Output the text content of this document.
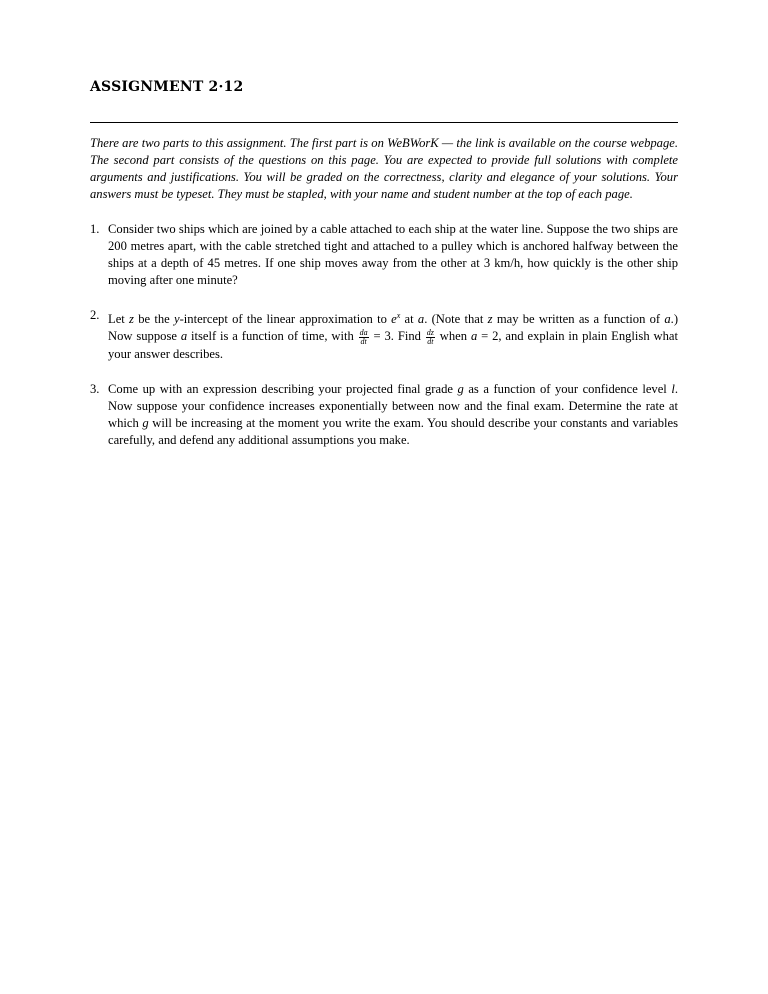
ASSIGNMENT 2·12

There are two parts to this assignment. The first part is on WeBWorK — the link is available on the course webpage. The second part consists of the questions on this page. You are expected to provide full solutions with complete arguments and justifications. You will be graded on the correctness, clarity and elegance of your solutions. Your answers must be typeset. They must be stapled, with your name and student number at the top of each page.

1. Consider two ships which are joined by a cable attached to each ship at the water line. Suppose the two ships are 200 metres apart, with the cable stretched tight and attached to a pulley which is anchored halfway between the ships at a depth of 45 metres. If one ship moves away from the other at 3 km/h, how quickly is the other ship moving after one minute?
2. Let z be the y-intercept of the linear approximation to $e^x$ at a. (Note that z may be written as a function of a.) Now suppose a itself is a function of time, with $\frac{da}{dt} = 3$. Find $\frac{dz}{dt}$ when a = 2, and explain in plain English what your answer describes.
3. Come up with an expression describing your projected final grade g as a function of your confidence level l. Now suppose your confidence increases exponentially between now and the final exam. Determine the rate at which g will be increasing at the moment you write the exam. You should describe your constants and variables carefully, and defend any additional assumptions you make.
